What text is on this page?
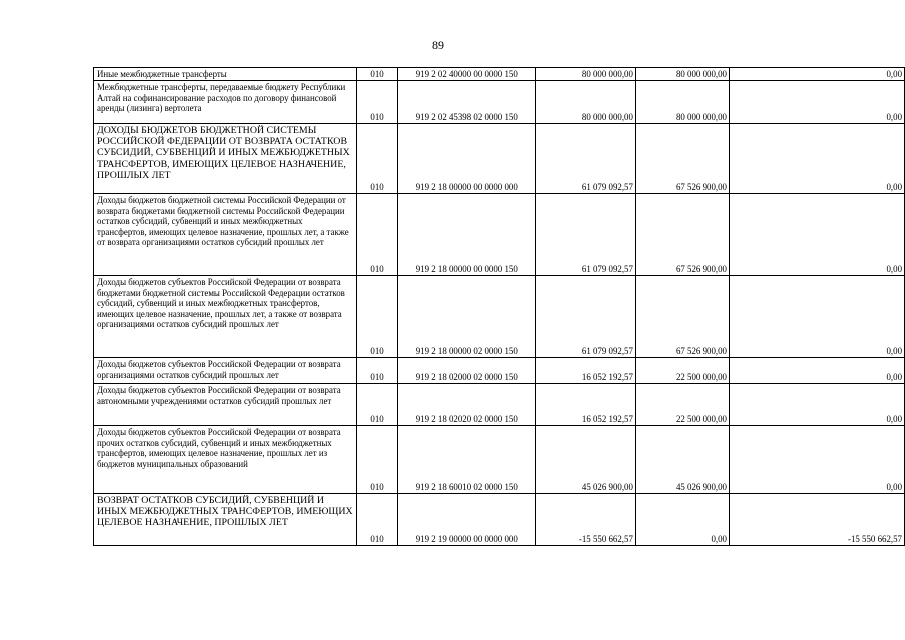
89
Иные межбюджетные трансферты	010	919 2 02 40000 00 0000 150	80 000 000,00	80 000 000,00	0,00
Межбюджетные трансферты, передаваемые бюджету Республики Алтай на софинансирование расходов по договору финансовой аренды (лизинга) вертолета	010	919 2 02 45398 02 0000 150	80 000 000,00	80 000 000,00	0,00
ДОХОДЫ БЮДЖЕТОВ БЮДЖЕТНОЙ СИСТЕМЫ РОССИЙСКОЙ ФЕДЕРАЦИИ ОТ ВОЗВРАТА ОСТАТКОВ СУБСИДИЙ, СУБВЕНЦИЙ И ИНЫХ МЕЖБЮДЖЕТНЫХ ТРАНСФЕРТОВ, ИМЕЮЩИХ ЦЕЛЕВОЕ НАЗНАЧЕНИЕ, ПРОШЛЫХ ЛЕТ	010	919 2 18 00000 00 0000 000	61 079 092,57	67 526 900,00	0,00
Доходы бюджетов бюджетной системы Российской Федерации от возврата бюджетами бюджетной системы Российской Федерации остатков субсидий, субвенций и иных межбюджетных трансфертов, имеющих целевое назначение, прошлых лет, а также от возврата организациями остатков субсидий прошлых лет	010	919 2 18 00000 00 0000 150	61 079 092,57	67 526 900,00	0,00
Доходы бюджетов субъектов Российской Федерации от возврата бюджетами бюджетной системы Российской Федерации остатков субсидий, субвенций и иных межбюджетных трансфертов, имеющих целевое назначение, прошлых лет, а также от возврата организациями остатков субсидий прошлых лет	010	919 2 18 00000 02 0000 150	61 079 092,57	67 526 900,00	0,00
Доходы бюджетов субъектов Российской Федерации от возврата организациями остатков субсидий прошлых лет	010	919 2 18 02000 02 0000 150	16 052 192,57	22 500 000,00	0,00
Доходы бюджетов субъектов Российской Федерации от возврата автономными учреждениями остатков субсидий прошлых лет	010	919 2 18 02020 02 0000 150	16 052 192,57	22 500 000,00	0,00
Доходы бюджетов субъектов Российской Федерации от возврата прочих остатков субсидий, субвенций и иных межбюджетных трансфертов, имеющих целевое назначение, прошлых лет из бюджетов муниципальных образований	010	919 2 18 60010 02 0000 150	45 026 900,00	45 026 900,00	0,00
ВОЗВРАТ ОСТАТКОВ СУБСИДИЙ, СУБВЕНЦИЙ И ИНЫХ МЕЖБЮДЖЕТНЫХ ТРАНСФЕРТОВ, ИМЕЮЩИХ ЦЕЛЕВОЕ НАЗНАЧЕНИЕ, ПРОШЛЫХ ЛЕТ	010	919 2 19 00000 00 0000 000	-15 550 662,57	0,00	-15 550 662,57
